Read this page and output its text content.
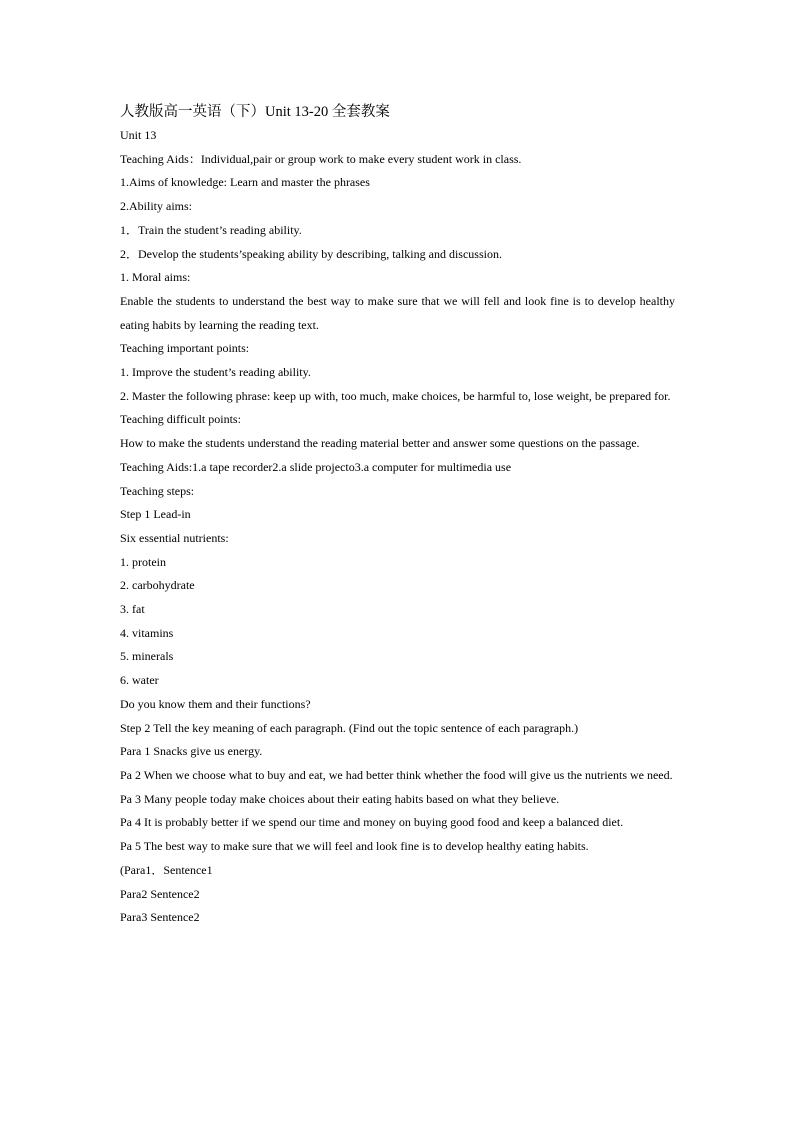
人教版高一英语（下）Unit 13-20 全套教案

Unit 13

Teaching Aids：Individual,pair or group work to make every student work in class.

1.Aims of knowledge: Learn and master the phrases

2.Ability aims:

1．Train the student’s reading ability.

2．Develop the students’speaking ability by describing, talking and discussion.

1. Moral aims:

Enable the students to understand the best way to make sure that we will fell and look fine is to develop healthy eating habits by learning the reading text.

Teaching important points:

1. Improve the student’s reading ability.

2. Master the following phrase: keep up with, too much, make choices, be harmful to, lose weight, be prepared for.

Teaching difficult points:

How to make the students understand the reading material better and answer some questions on the passage.

Teaching Aids:1.a tape recorder2.a slide projecto3.a computer for multimedia use

Teaching steps:

Step 1 Lead-in

Six essential nutrients:

1. protein

2. carbohydrate

3. fat

4. vitamins

5. minerals

6. water

Do you know them and their functions?

Step 2 Tell the key meaning of each paragraph. (Find out the topic sentence of each paragraph.)

Para 1 Snacks give us energy.

Pa 2 When we choose what to buy and eat, we had better think whether the food will give us the nutrients we need.

Pa 3 Many people today make choices about their eating habits based on what they believe.

Pa 4 It is probably better if we spend our time and money on buying good food and keep a balanced diet.

Pa 5 The best way to make sure that we will feel and look fine is to develop healthy eating habits.

(Para1．Sentence1

Para2 Sentence2

Para3 Sentence2
